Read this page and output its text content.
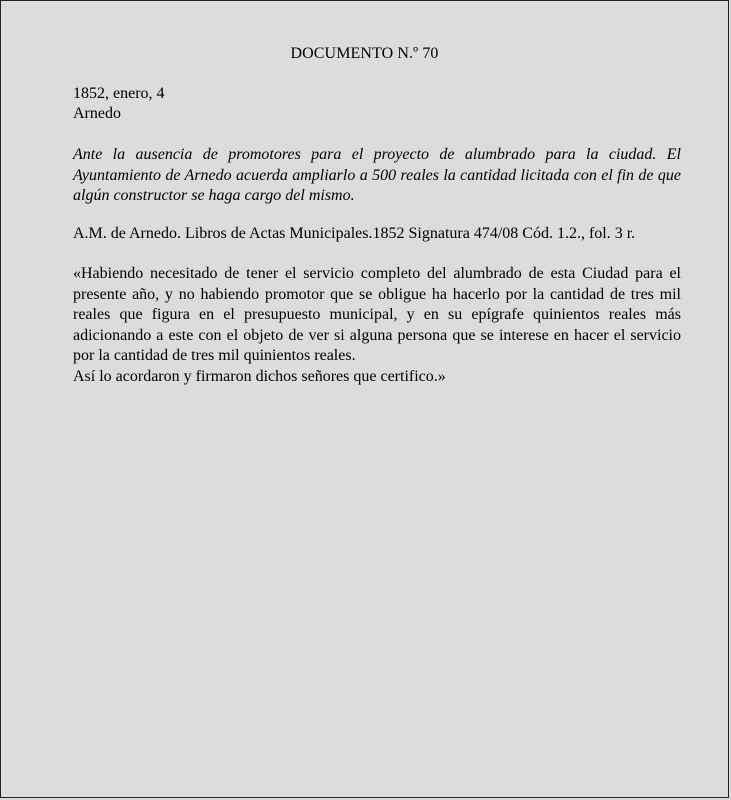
DOCUMENTO N.º 70
1852, enero, 4
Arnedo
Ante la ausencia de promotores para el proyecto de alumbrado para la ciudad. El Ayuntamiento de Arnedo acuerda ampliarlo a 500 reales la cantidad licitada con el fin de que algún constructor se haga cargo del mismo.
A.M. de Arnedo. Libros de Actas Municipales.1852 Signatura 474/08 Cód. 1.2., fol. 3 r.

«Habiendo necesitado de tener el servicio completo del alumbrado de esta Ciudad para el presente año, y no habiendo promotor que se obligue ha hacerlo por la cantidad de tres mil reales que figura en el presupuesto municipal, y en su epígrafe quinientos reales más adicionando a este con el objeto de ver si alguna persona que se interese en hacer el servicio por la cantidad de tres mil quinientos reales.

Así lo acordaron y firmaron dichos señores que certifico.»
